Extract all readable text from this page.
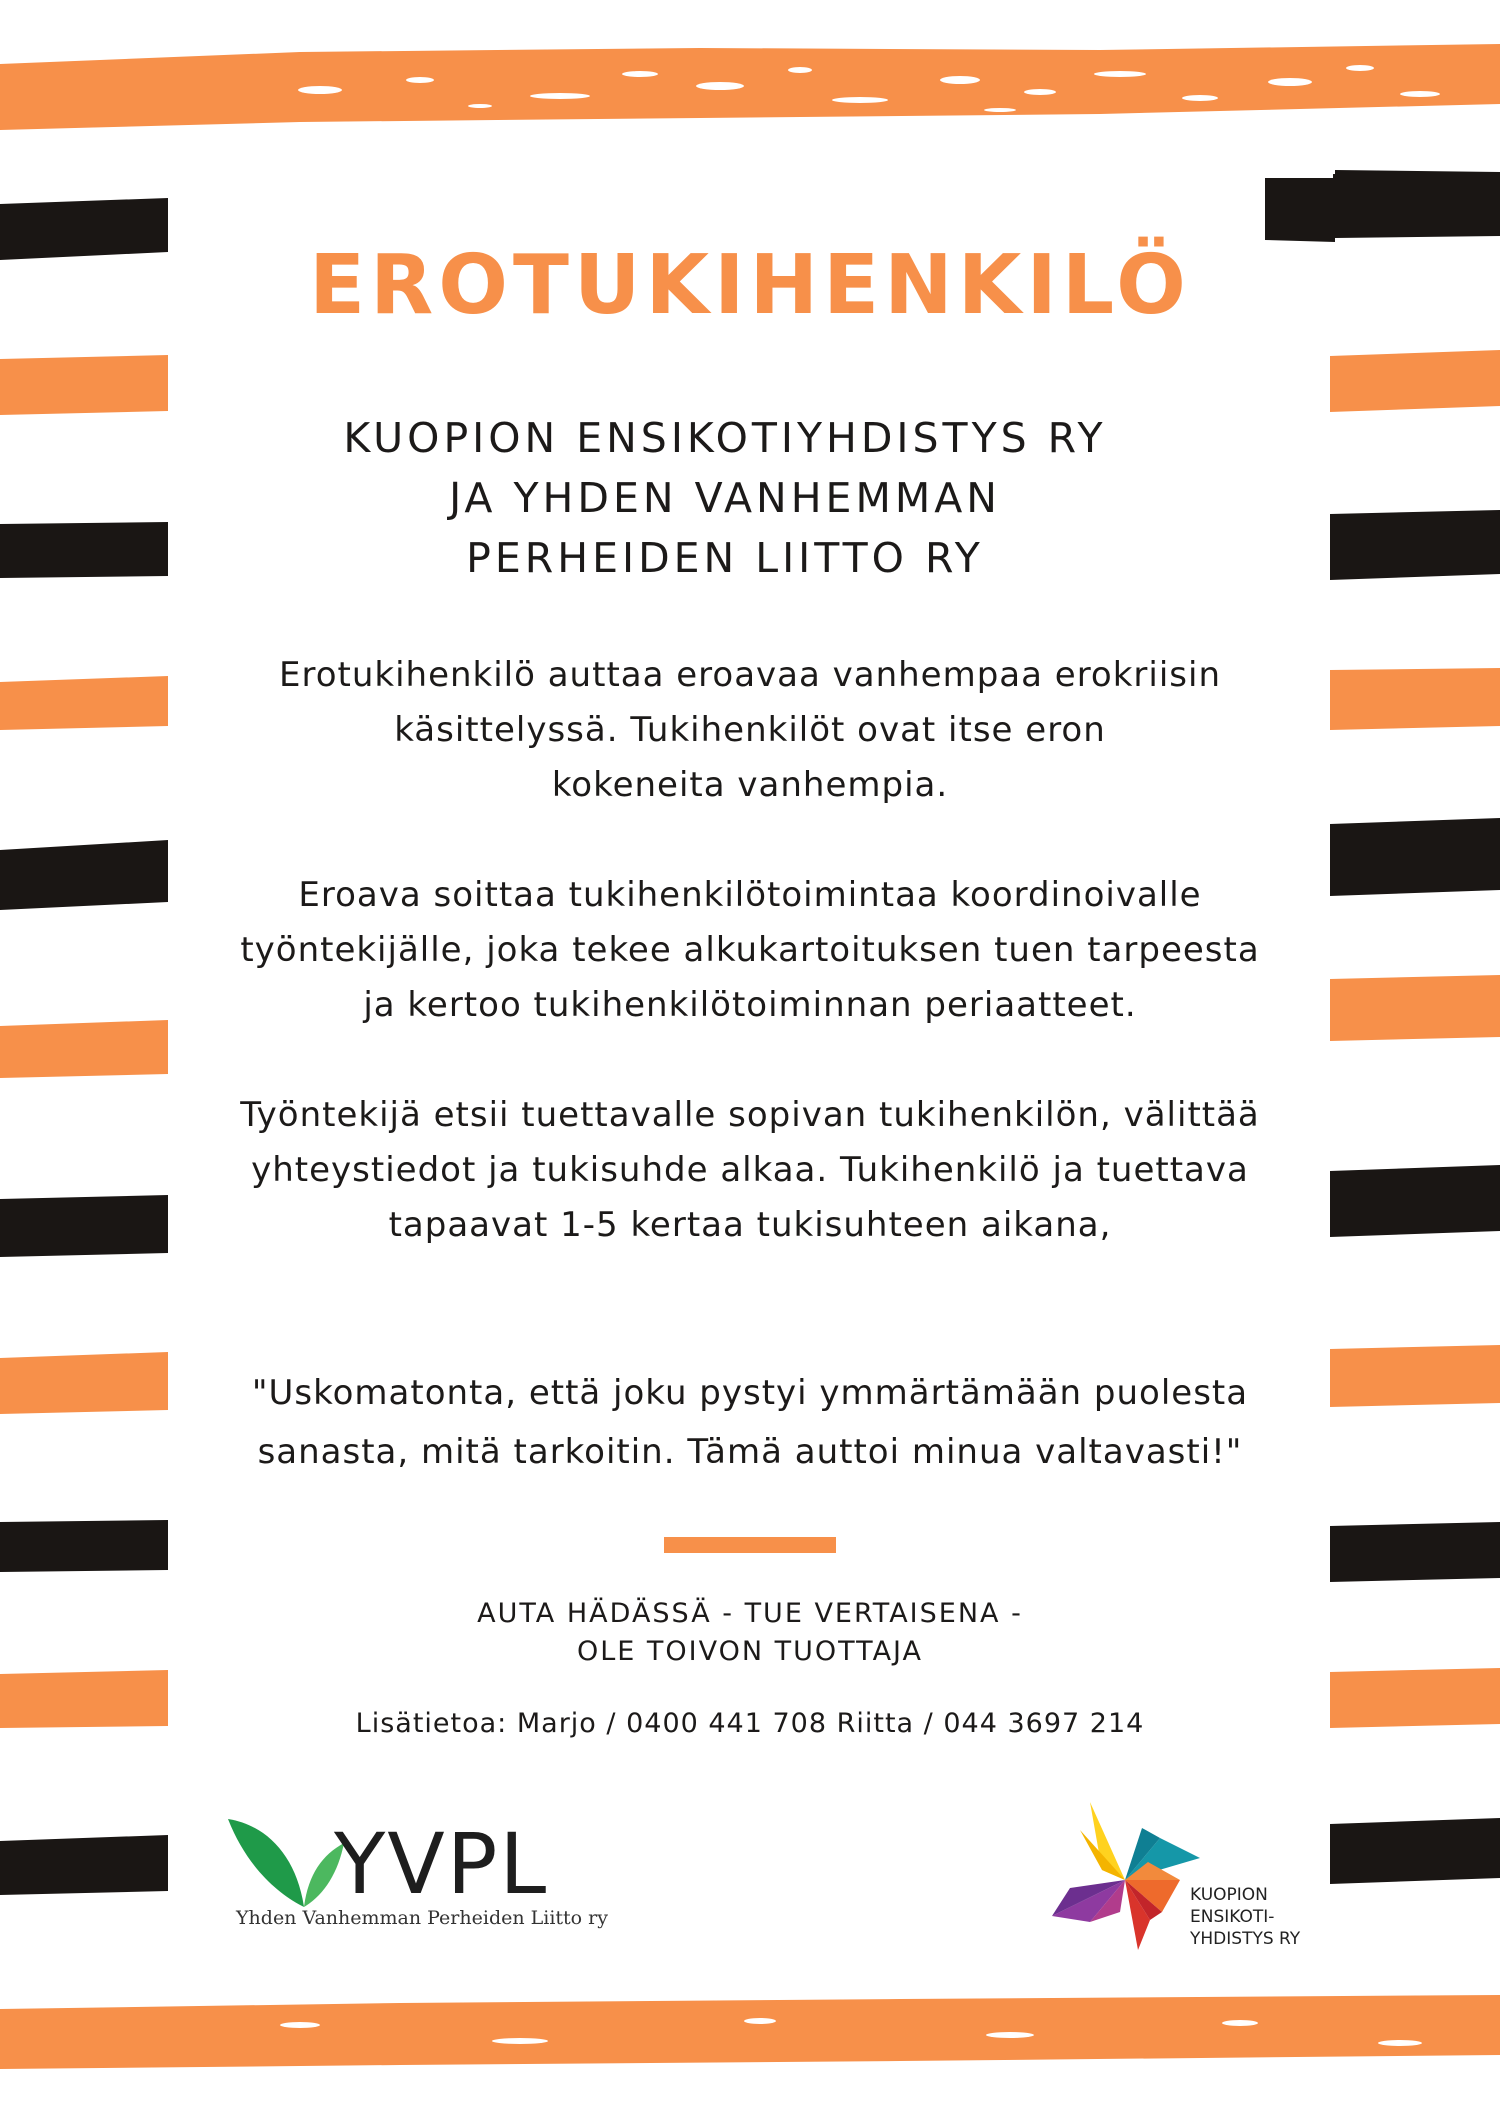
EROTUKIHENKILÖ
KUOPION ENSIKOTIYHDISTYS RY
JA YHDEN VANHEMMAN
PERHEIDEN LIITTO RY

Erotukihenkilö auttaa eroavaa vanhempaa erokriisin
käsittelyssä. Tukihenkilöt ovat itse eron
kokeneita vanhempia.

Eroava soittaa tukihenkilötoimintaa koordinoivalle
työntekijälle, joka tekee alkukartoituksen tuen tarpeesta
ja kertoo tukihenkilötoiminnan periaatteet.

Työntekijä etsii tuettavalle sopivan tukihenkilön, välittää
yhteystiedot ja tukisuhde alkaa. Tukihenkilö ja tuettava
tapaavat 1-5 kertaa tukisuhteen aikana,

"Uskomatonta, että joku pystyi ymmärtämään puolesta
sanasta, mitä tarkoitin. Tämä auttoi minua valtavasti!"

AUTA HÄDÄSSÄ - TUE VERTAISENA -
OLE TOIVON TUOTTAJA
Lisätietoa: Marjo / 0400 441 708 Riitta / 044 3697 214
YVPL
Yhden Vanhemman Perheiden Liitto ry
KUOPION
ENSIKOTI-
YHDISTYS RY
